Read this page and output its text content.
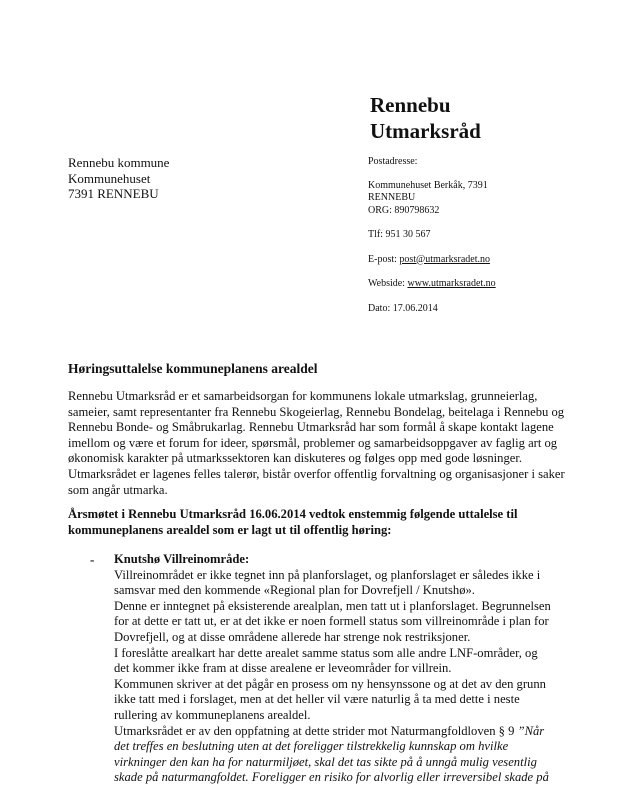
Rennebu
Utmarksråd
Rennebu kommune
Kommunehuset
7391 RENNEBU
Postadresse:
Kommunehuset Berkåk, 7391
RENNEBU
ORG: 890798632
Tlf: 951 30 567
E-post: post@utmarksradet.no
Webside: www.utmarksradet.no
Dato: 17.06.2014
Høringsuttalelse kommuneplanens arealdel
Rennebu Utmarksråd er et samarbeidsorgan for kommunens lokale utmarkslag, grunneierlag, sameier, samt representanter fra Rennebu Skogeierlag, Rennebu Bondelag, beitelaga i Rennebu og Rennebu Bonde- og Småbrukarlag. Rennebu Utmarksråd har som formål å skape kontakt lagene imellom og være et forum for ideer, spørsmål, problemer og samarbeidsoppgaver av faglig art og økonomisk karakter på utmarkssektoren kan diskuteres og følges opp med gode løsninger. Utmarksrådet er lagenes felles talerør, bistår overfor offentlig forvaltning og organisasjoner i saker som angår utmarka.
Årsmøtet i Rennebu Utmarksråd 16.06.2014 vedtok enstemmig følgende uttalelse til kommuneplanens arealdel som er lagt ut til offentlig høring:
- Knutshø Villreinområde:
Villreinområdet er ikke tegnet inn på planforslaget, og planforslaget er således ikke i
samsvar med den kommende «Regional plan for Dovrefjell / Knutshø».
Denne er inntegnet på eksisterende arealplan, men tatt ut i planforslaget. Begrunnelsen
for at dette er tatt ut, er at det ikke er noen formell status som villreinområde i plan for
Dovrefjell, og at disse områdene allerede har strenge nok restriksjoner.
I foreslåtte arealkart har dette arealet samme status som alle andre LNF-områder, og
det kommer ikke fram at disse arealene er leveområder for villrein.
Kommunen skriver at det pågår en prosess om ny hensynssone og at det av den grunn
ikke tatt med i forslaget, men at det heller vil være naturlig å ta med dette i neste
rullering av kommuneplanens arealdel.
Utmarksrådet er av den oppfatning at dette strider mot Naturmangfoldloven § 9 ”Når
det treffes en beslutning uten at det foreligger tilstrekkelig kunnskap om hvilke
virkninger den kan ha for naturmiljøet, skal det tas sikte på å unngå mulig vesentlig
skade på naturmangfoldet. Foreligger en risiko for alvorlig eller irreversibel skade på
